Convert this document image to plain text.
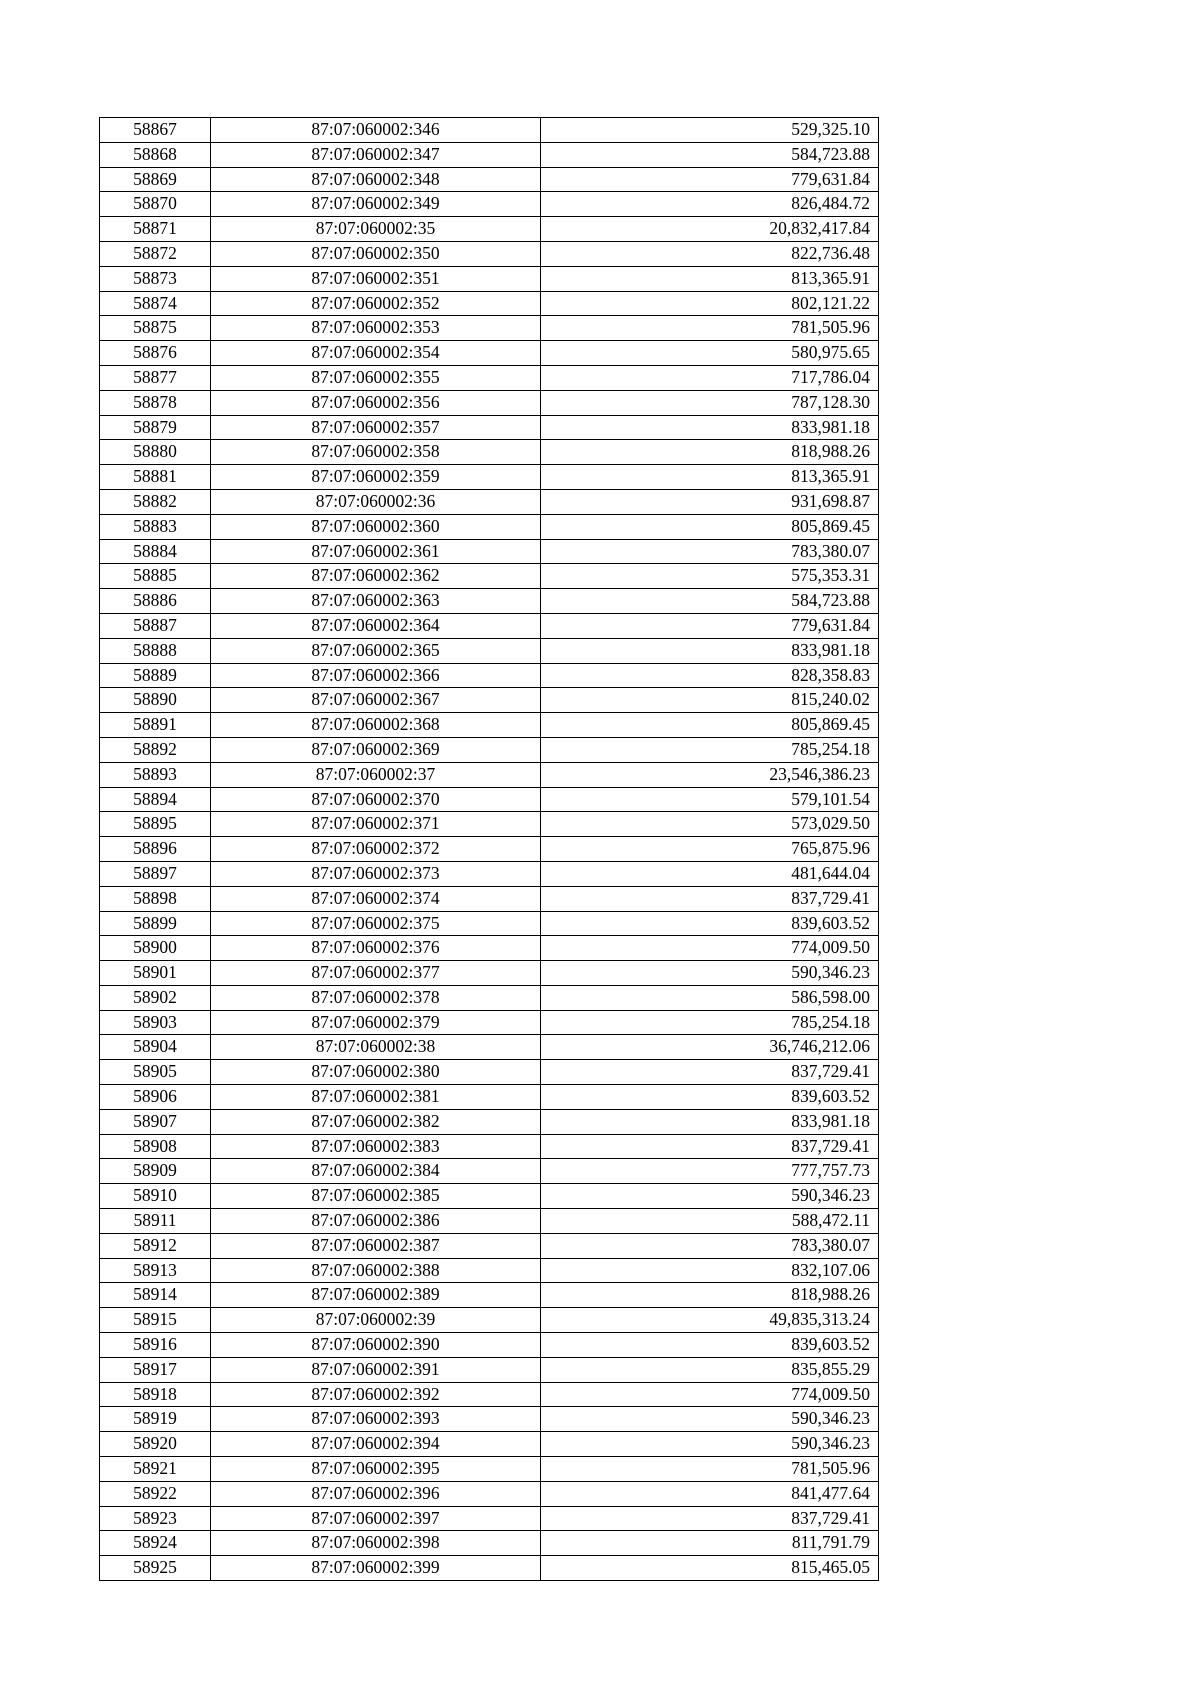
58867	87:07:060002:346	529,325.10
58868	87:07:060002:347	584,723.88
58869	87:07:060002:348	779,631.84
58870	87:07:060002:349	826,484.72
58871	87:07:060002:35	20,832,417.84
58872	87:07:060002:350	822,736.48
58873	87:07:060002:351	813,365.91
58874	87:07:060002:352	802,121.22
58875	87:07:060002:353	781,505.96
58876	87:07:060002:354	580,975.65
58877	87:07:060002:355	717,786.04
58878	87:07:060002:356	787,128.30
58879	87:07:060002:357	833,981.18
58880	87:07:060002:358	818,988.26
58881	87:07:060002:359	813,365.91
58882	87:07:060002:36	931,698.87
58883	87:07:060002:360	805,869.45
58884	87:07:060002:361	783,380.07
58885	87:07:060002:362	575,353.31
58886	87:07:060002:363	584,723.88
58887	87:07:060002:364	779,631.84
58888	87:07:060002:365	833,981.18
58889	87:07:060002:366	828,358.83
58890	87:07:060002:367	815,240.02
58891	87:07:060002:368	805,869.45
58892	87:07:060002:369	785,254.18
58893	87:07:060002:37	23,546,386.23
58894	87:07:060002:370	579,101.54
58895	87:07:060002:371	573,029.50
58896	87:07:060002:372	765,875.96
58897	87:07:060002:373	481,644.04
58898	87:07:060002:374	837,729.41
58899	87:07:060002:375	839,603.52
58900	87:07:060002:376	774,009.50
58901	87:07:060002:377	590,346.23
58902	87:07:060002:378	586,598.00
58903	87:07:060002:379	785,254.18
58904	87:07:060002:38	36,746,212.06
58905	87:07:060002:380	837,729.41
58906	87:07:060002:381	839,603.52
58907	87:07:060002:382	833,981.18
58908	87:07:060002:383	837,729.41
58909	87:07:060002:384	777,757.73
58910	87:07:060002:385	590,346.23
58911	87:07:060002:386	588,472.11
58912	87:07:060002:387	783,380.07
58913	87:07:060002:388	832,107.06
58914	87:07:060002:389	818,988.26
58915	87:07:060002:39	49,835,313.24
58916	87:07:060002:390	839,603.52
58917	87:07:060002:391	835,855.29
58918	87:07:060002:392	774,009.50
58919	87:07:060002:393	590,346.23
58920	87:07:060002:394	590,346.23
58921	87:07:060002:395	781,505.96
58922	87:07:060002:396	841,477.64
58923	87:07:060002:397	837,729.41
58924	87:07:060002:398	811,791.79
58925	87:07:060002:399	815,465.05
